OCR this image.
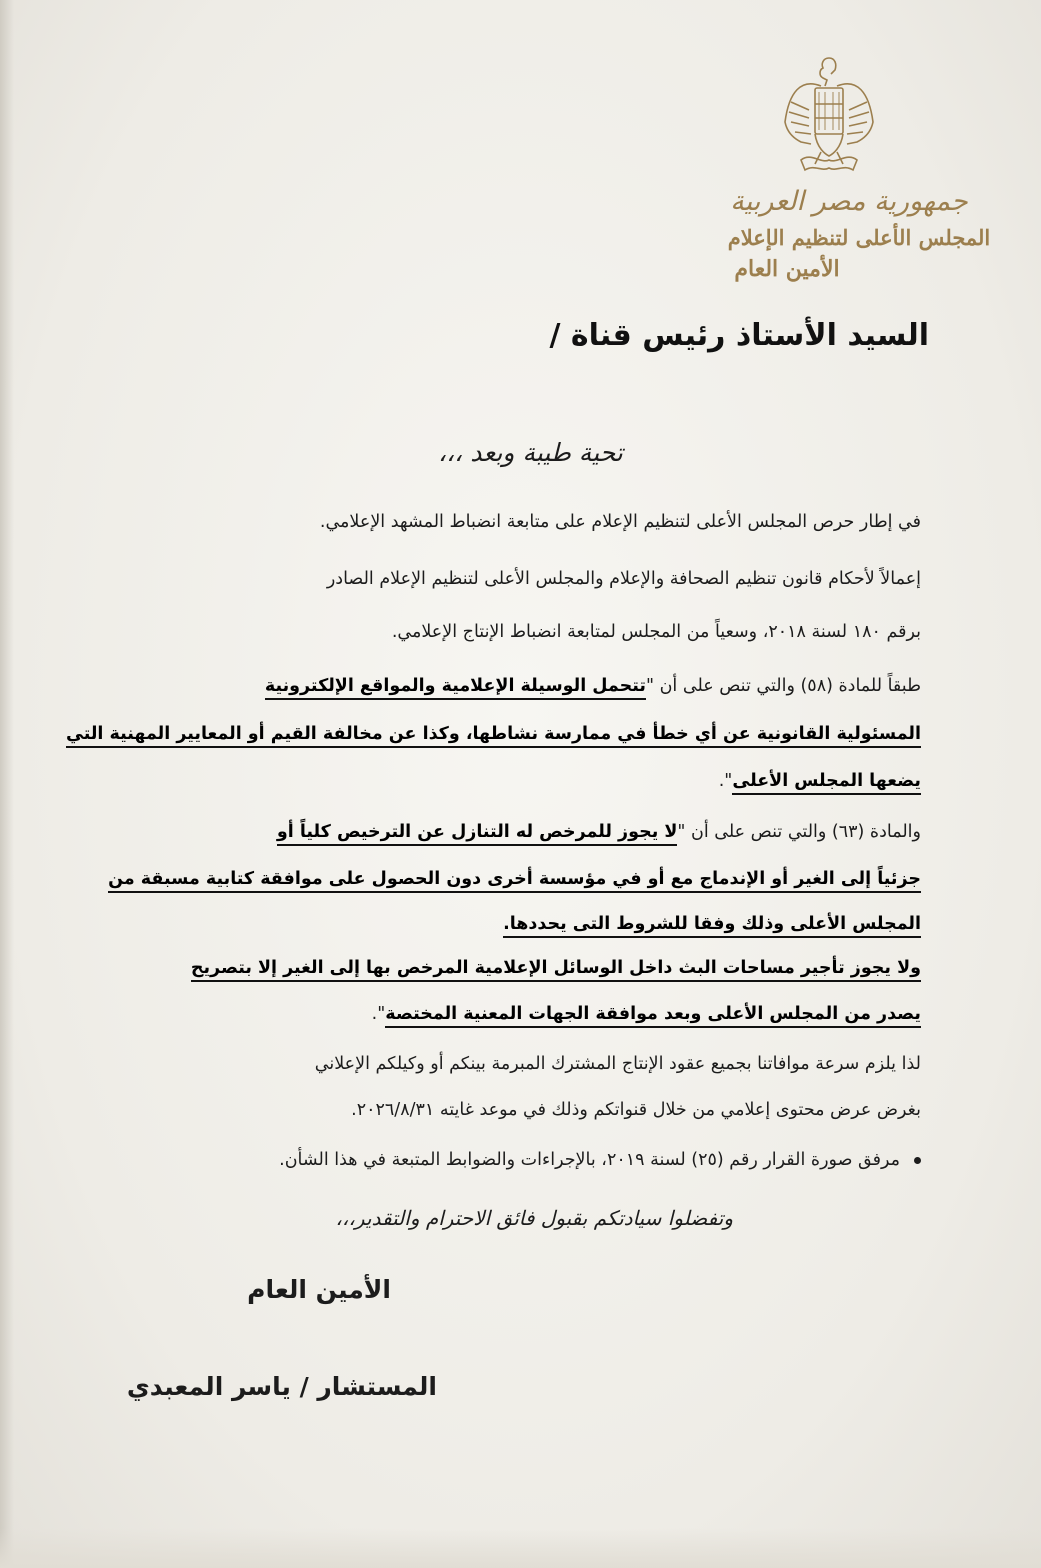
جمهورية مصر العربية
المجلس الأعلى لتنظيم الإعلام
الأمين العام
السيد الأستاذ رئيس قناة /
تحية طيبة وبعد ،،،
في إطار حرص المجلس الأعلى لتنظيم الإعلام على متابعة انضباط المشهد الإعلامي.
إعمالاً لأحكام قانون تنظيم الصحافة والإعلام والمجلس الأعلى لتنظيم الإعلام الصادر
برقم ١٨٠ لسنة ٢٠١٨، وسعياً من المجلس لمتابعة انضباط الإنتاج الإعلامي.
طبقاً للمادة (٥٨) والتي تنص على أن "تتحمل الوسيلة الإعلامية والمواقع الإلكترونية
المسئولية القانونية عن أي خطأ في ممارسة نشاطها، وكذا عن مخالفة القيم أو المعايير المهنية التي
يضعها المجلس الأعلى".
والمادة (٦٣) والتي تنص على أن "لا يجوز للمرخص له التنازل عن الترخيص كلياً أو
جزئياً إلى الغير أو الإندماج مع أو في مؤسسة أخرى دون الحصول على موافقة كتابية مسبقة من
المجلس الأعلى وذلك وفقا للشروط التى يحددها.
ولا يجوز تأجير مساحات البث داخل الوسائل الإعلامية المرخص بها إلى الغير إلا بتصريح
يصدر من المجلس الأعلى وبعد موافقة الجهات المعنية المختصة".
لذا يلزم سرعة موافاتنا بجميع عقود الإنتاج المشترك المبرمة بينكم أو وكيلكم الإعلاني
بغرض عرض محتوى إعلامي من خلال قنواتكم وذلك في موعد غايته ٢٠٢٦/٨/٣١.
مرفق صورة القرار رقم (٢٥) لسنة ٢٠١٩، بالإجراءات والضوابط المتبعة في هذا الشأن.
وتفضلوا سيادتكم بقبول فائق الاحترام والتقدير،،،
الأمين العام
المستشار / ياسر المعبدي
